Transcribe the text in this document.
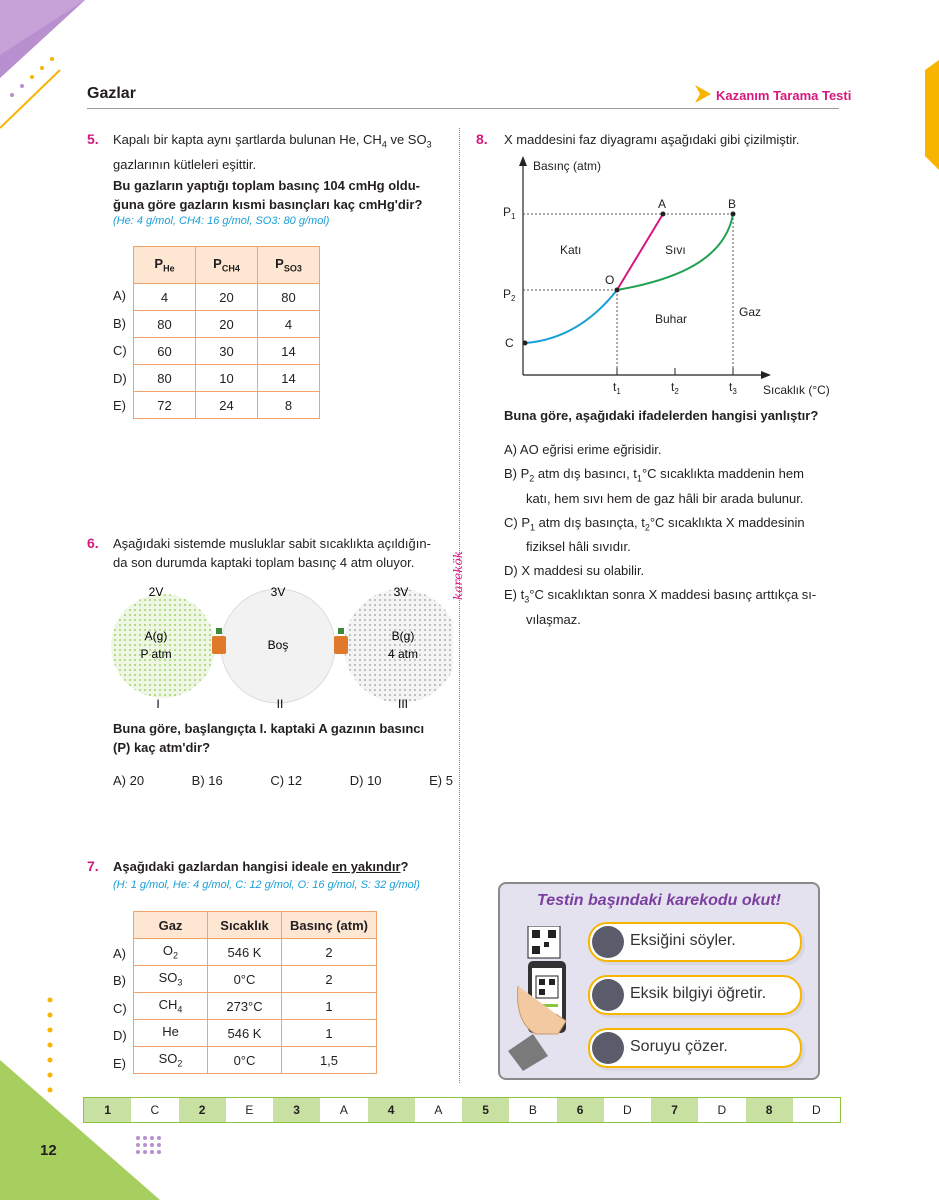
Gazlar	Kazanım Tarama Testi
karekök
5. Kapalı bir kapta aynı şartlarda bulunan He, $CH_4$ ve $SO_3$
gazlarının kütleleri eşittir.
Bu gazların yaptığı toplam basınç 104 cmHg oldu-
ğuna göre gazların kısmi basınçları kaç cmHg'dir?
(He: 4 g/mol, CH4: 16 g/mol, SO3: 80 g/mol)
$P_{He}$	$P_{CH4}$	$P_{SO3}$
4	20	80
80	20	4
60	30	14
80	10	14
72	24	8
A)
B)
C)
D)
E)
6. Aşağıdaki sistemde musluklar sabit sıcaklıkta açıldığın-
da son durumda kaptaki toplam basınç 4 atm oluyor.
2V	3V	3V
A(g)
P atm
Boş
B(g)
4 atm
I	II	III
Buna göre, başlangıçta I. kaptaki A gazının basıncı
(P) kaç atm'dir?
A) 20	B) 16	C) 12	D) 10	E) 5
7. Aşağıdaki gazlardan hangisi ideale en yakındır?
(H: 1 g/mol, He: 4 g/mol, C: 12 g/mol, O: 16 g/mol, S: 32 g/mol)
Gaz	Sıcaklık	Basınç (atm)
$O_2$	546 K	2
$SO_3$	0°C	2
$CH_4$	273°C	1
He	546 K	1
$SO_2$	0°C	1,5
A)
B)
C)
D)
E)
8. X maddesini faz diyagramı aşağıdaki gibi çizilmiştir.
Basınç (atm)
Sıcaklık (°C)
$P_1$
$P_2$
C
O
A	B
$t_1$	$t_2$	$t_3$
Katı	Sıvı
Buhar	Gaz
Buna göre, aşağıdaki ifadelerden hangisi yanlıştır?
A) AO eğrisi erime eğrisidir.
B) $P_2$ atm dış basıncı, $t_1^\circ C$ sıcaklıkta maddenin hem
katı, hem sıvı hem de gaz hâli bir arada bulunur.
C) $P_1$ atm dış basınçta, $t_2^\circ C$ sıcaklıkta X maddesinin
fiziksel hâli sıvıdır.
D) X maddesi su olabilir.
E) $t_3^\circ C$ sıcaklıktan sonra X maddesi basınç arttıkça sı-
vılaşmaz.
Testin başındaki karekodu okut!
Eksiğini söyler.
Eksik bilgiyi öğretir.
Soruyu çözer.
1	C	2	E	3	A	4	A	5	B	6	D	7	D	8	D
12
